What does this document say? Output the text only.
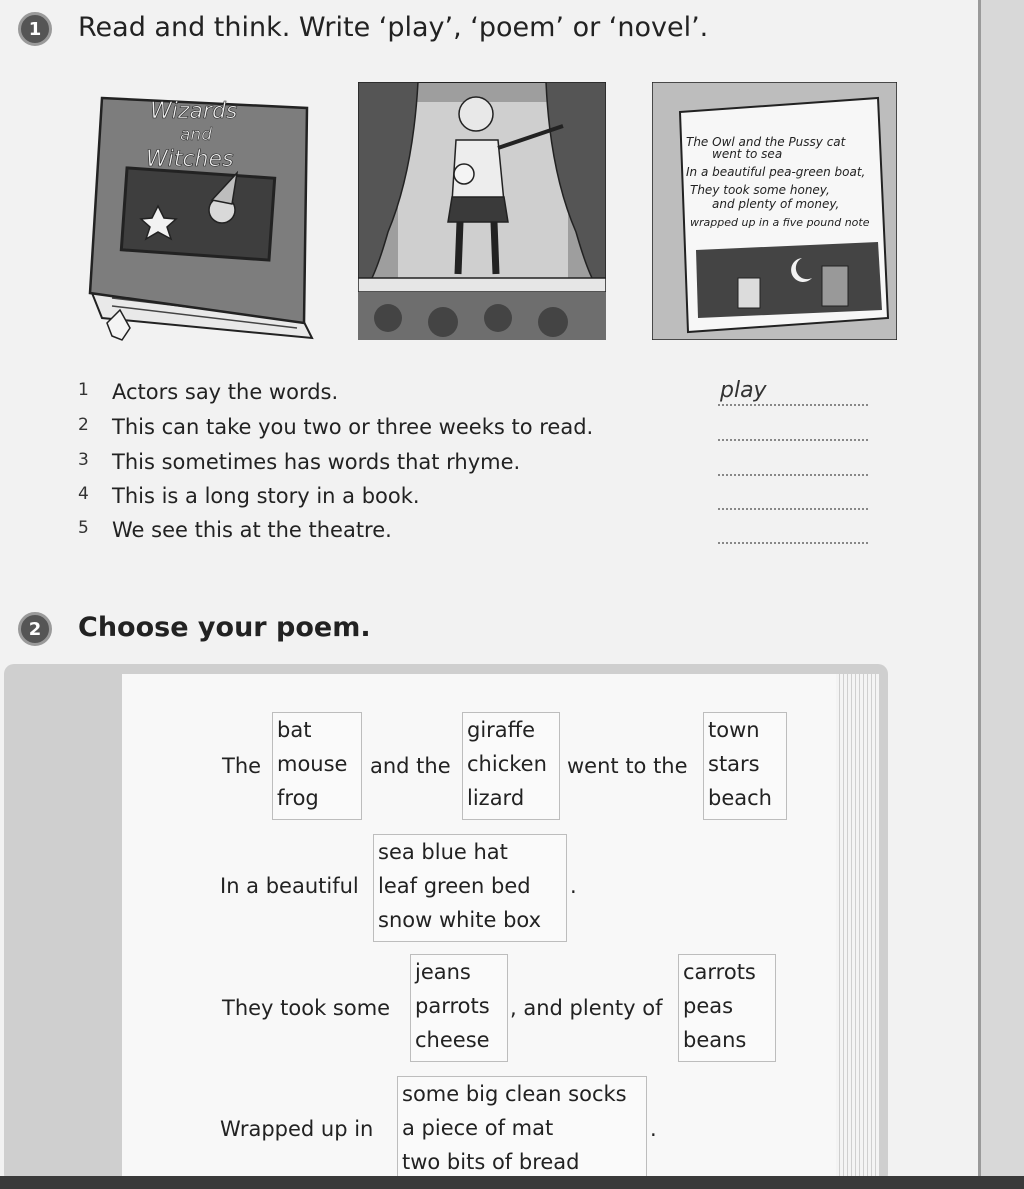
1 Read and think. Write ‘play’, ‘poem’ or ‘novel’.
Wizards
and
Witches
The Owl and the Pussy cat
went to sea
In a beautiful pea-green boat,
They took some honey,
and plenty of money,
wrapped up in a five pound note
1 Actors say the words.	play
2 This can take you two or three weeks to read.
3 This sometimes has words that rhyme.
4 This is a long story in a book.
5 We see this at the theatre.
2 Choose your poem.
The
bat
mouse
frog
and the
giraffe
chicken
lizard
went to the
town
stars
beach
In a beautiful
sea blue hat
leaf green bed
snow white box
.
They took some
jeans
parrots
cheese
, and plenty of
carrots
peas
beans
Wrapped up in
some big clean socks
a piece of mat
two bits of bread
.
